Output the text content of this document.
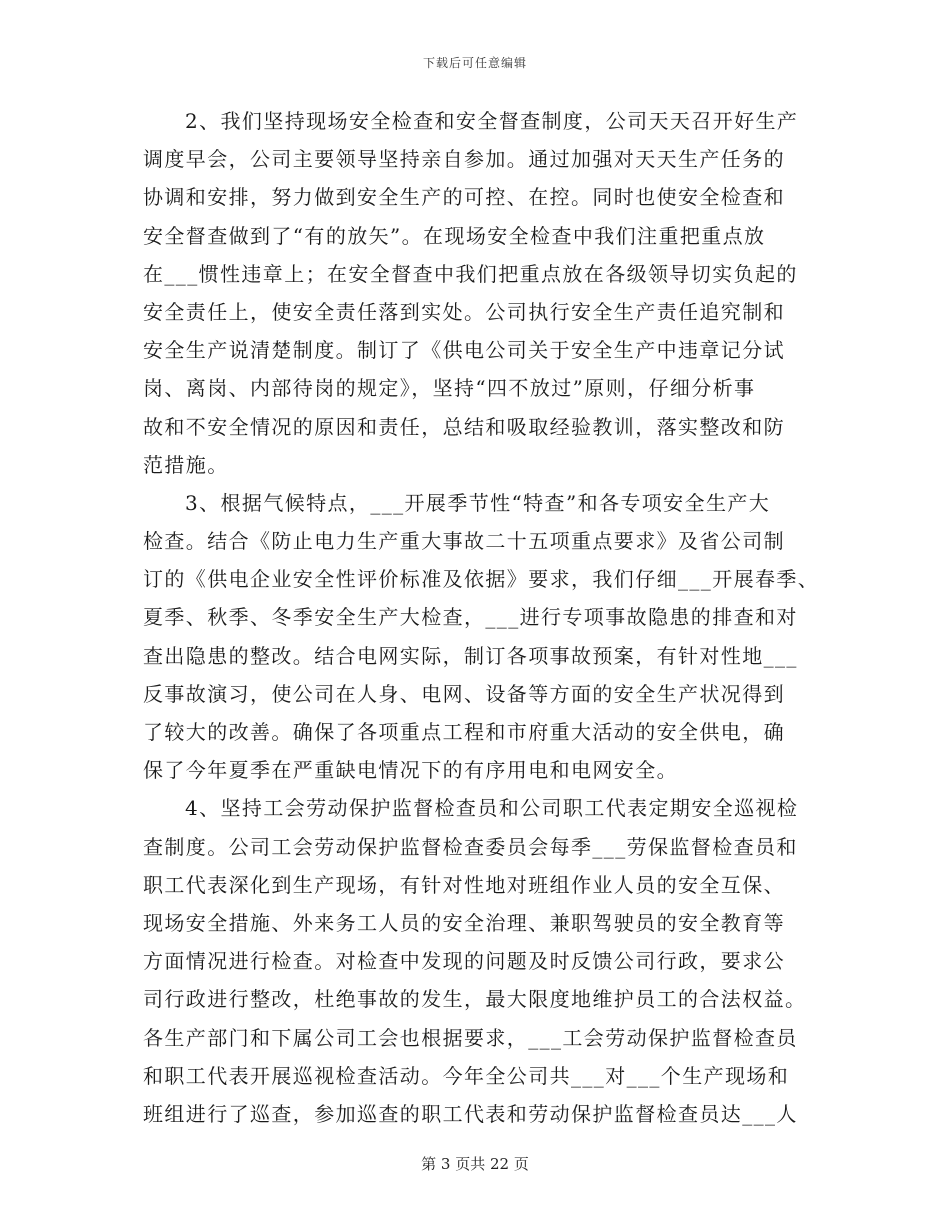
下载后可任意编辑
2、我们坚持现场安全检查和安全督查制度，公司天天召开好生产
调度早会，公司主要领导坚持亲自参加。通过加强对天天生产任务的
协调和安排，努力做到安全生产的可控、在控。同时也使安全检查和
安全督查做到了“有的放矢”。在现场安全检查中我们注重把重点放
在___惯性违章上；在安全督查中我们把重点放在各级领导切实负起的
安全责任上，使安全责任落到实处。公司执行安全生产责任追究制和
安全生产说清楚制度。制订了《供电公司关于安全生产中违章记分试
岗、离岗、内部待岗的规定》，坚持“四不放过”原则，仔细分析事
故和不安全情况的原因和责任，总结和吸取经验教训，落实整改和防
范措施。
3、根据气候特点，___开展季节性“特查”和各专项安全生产大
检查。结合《防止电力生产重大事故二十五项重点要求》及省公司制
订的《供电企业安全性评价标准及依据》要求，我们仔细___开展春季、
夏季、秋季、冬季安全生产大检查，___进行专项事故隐患的排查和对
查出隐患的整改。结合电网实际，制订各项事故预案，有针对性地___
反事故演习，使公司在人身、电网、设备等方面的安全生产状况得到
了较大的改善。确保了各项重点工程和市府重大活动的安全供电，确
保了今年夏季在严重缺电情况下的有序用电和电网安全。
4、坚持工会劳动保护监督检查员和公司职工代表定期安全巡视检
查制度。公司工会劳动保护监督检查委员会每季___劳保监督检查员和
职工代表深化到生产现场，有针对性地对班组作业人员的安全互保、
现场安全措施、外来务工人员的安全治理、兼职驾驶员的安全教育等
方面情况进行检查。对检查中发现的问题及时反馈公司行政，要求公
司行政进行整改，杜绝事故的发生，最大限度地维护员工的合法权益。
各生产部门和下属公司工会也根据要求，___工会劳动保护监督检查员
和职工代表开展巡视检查活动。今年全公司共___对___个生产现场和
班组进行了巡查，参加巡查的职工代表和劳动保护监督检查员达___人
第 3 页共 22 页
